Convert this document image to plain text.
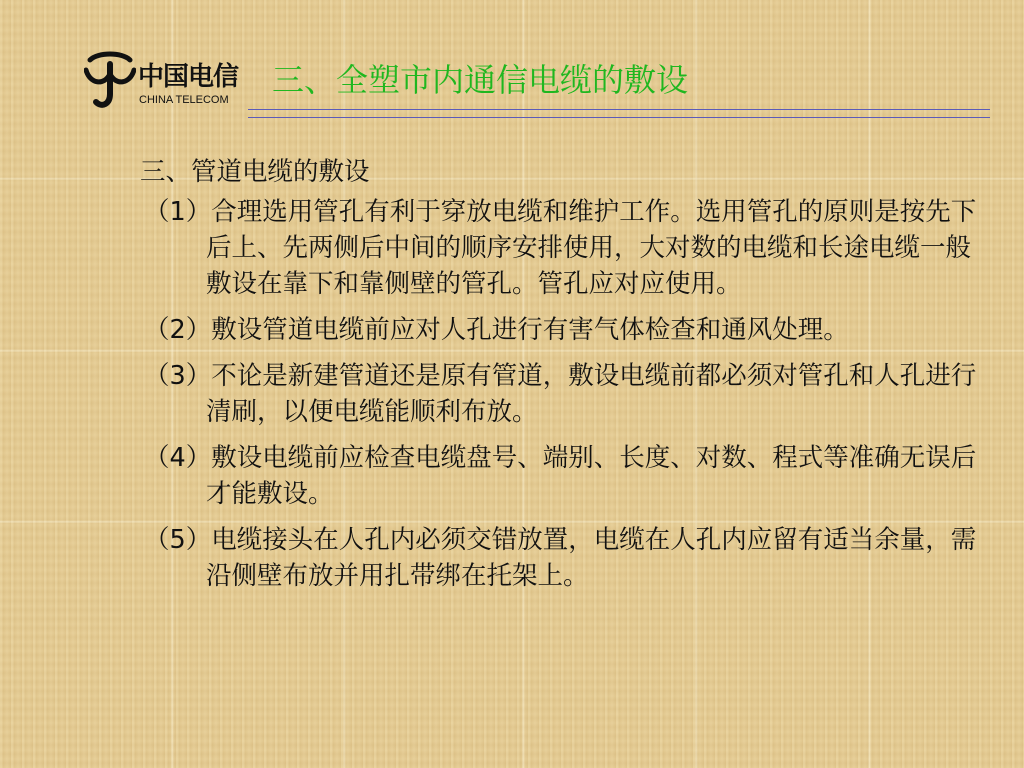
中国电信
CHINA TELECOM
三、全塑市内通信电缆的敷设
三、管道电缆的敷设
（1）合理选用管孔有利于穿放电缆和维护工作。选用管孔的原则是按先下后上、先两侧后中间的顺序安排使用，大对数的电缆和长途电缆一般敷设在靠下和靠侧壁的管孔。管孔应对应使用。
（2）敷设管道电缆前应对人孔进行有害气体检查和通风处理。
（3）不论是新建管道还是原有管道，敷设电缆前都必须对管孔和人孔进行清刷，以便电缆能顺利布放。
（4）敷设电缆前应检查电缆盘号、端别、长度、对数、程式等准确无误后才能敷设。
（5）电缆接头在人孔内必须交错放置，电缆在人孔内应留有适当余量，需沿侧壁布放并用扎带绑在托架上。
